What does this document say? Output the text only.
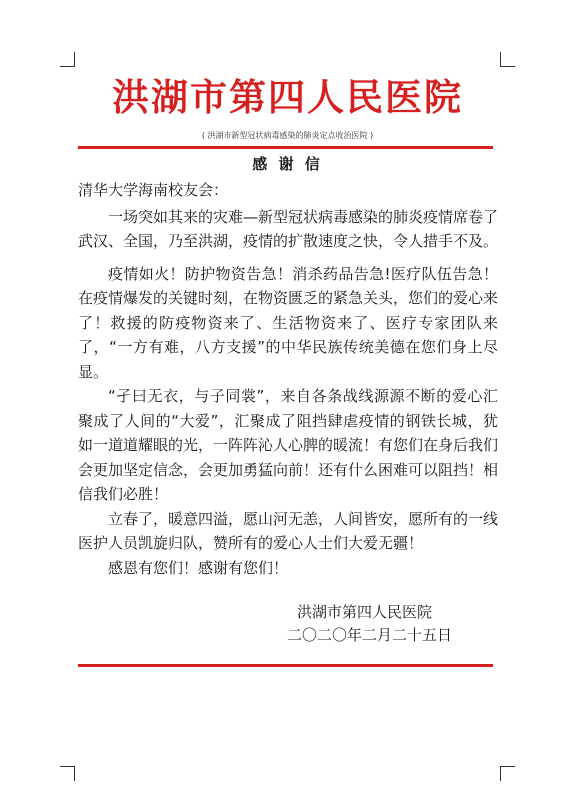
洪湖市第四人民医院
( 洪湖市新型冠状病毒感染的肺炎定点收治医院 )
感 谢 信

清华大学海南校友会：

一场突如其来的灾难—新型冠状病毒感染的肺炎疫情席卷了武汉、全国，乃至洪湖，疫情的扩散速度之快，令人措手不及。

疫情如火！防护物资告急！消杀药品告急!医疗队伍告急！在疫情爆发的关键时刻，在物资匮乏的紧急关头，您们的爱心来了！救援的防疫物资来了、生活物资来了、医疗专家团队来了，“一方有难，八方支援”的中华民族传统美德在您们身上尽显。

“孑曰无衣，与子同裳”，来自各条战线源源不断的爱心汇聚成了人间的“大爱”，汇聚成了阻挡肆虐疫情的钢铁长城，犹如一道道耀眼的光，一阵阵沁人心脾的暖流！有您们在身后我们会更加坚定信念，会更加勇猛向前！还有什么困难可以阻挡！相信我们必胜！

立春了，暖意四溢，愿山河无恙，人间皆安，愿所有的一线医护人员凯旋归队，赞所有的爱心人士们大爱无疆！

感恩有您们！感谢有您们！

洪湖市第四人民医院
二〇二〇年二月二十五日
